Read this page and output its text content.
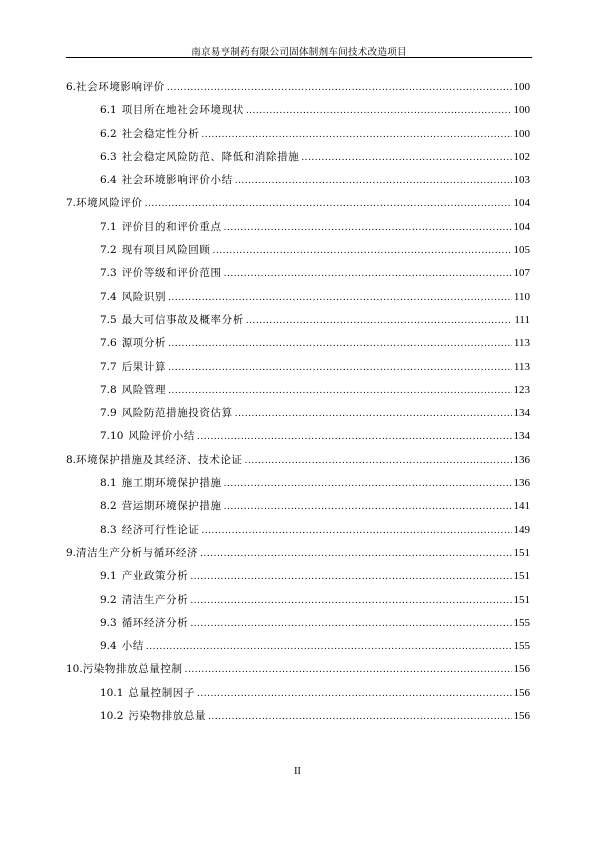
南京易亨制药有限公司固体制剂车间技术改造项目
6. 社会环境影响评价 .....	100
6.1 项目所在地社会环境现状 .....	100
6.2 社会稳定性分析 .....	100
6.3 社会稳定风险防范、降低和消除措施 .....	102
6.4 社会环境影响评价小结 .....	103
7. 环境风险评价 .....	104
7.1 评价目的和评价重点 .....	104
7.2 现有项目风险回顾 .....	105
7.3 评价等级和评价范围 .....	107
7.4 风险识别 .....	110
7.5 最大可信事故及概率分析 .....	111
7.6 源项分析 .....	113
7.7 后果计算 .....	113
7.8 风险管理 .....	123
7.9 风险防范措施投资估算 .....	134
7.10 风险评价小结 .....	134
8. 环境保护措施及其经济、技术论证 .....	136
8.1 施工期环境保护措施 .....	136
8.2 营运期环境保护措施 .....	141
8.3 经济可行性论证 .....	149
9. 清洁生产分析与循环经济 .....	151
9.1 产业政策分析 .....	151
9.2 清洁生产分析 .....	151
9.3 循环经济分析 .....	155
9.4 小结 .....	155
10. 污染物排放总量控制 .....	156
10.1 总量控制因子 .....	156
10.2 污染物排放总量 .....	156
II
